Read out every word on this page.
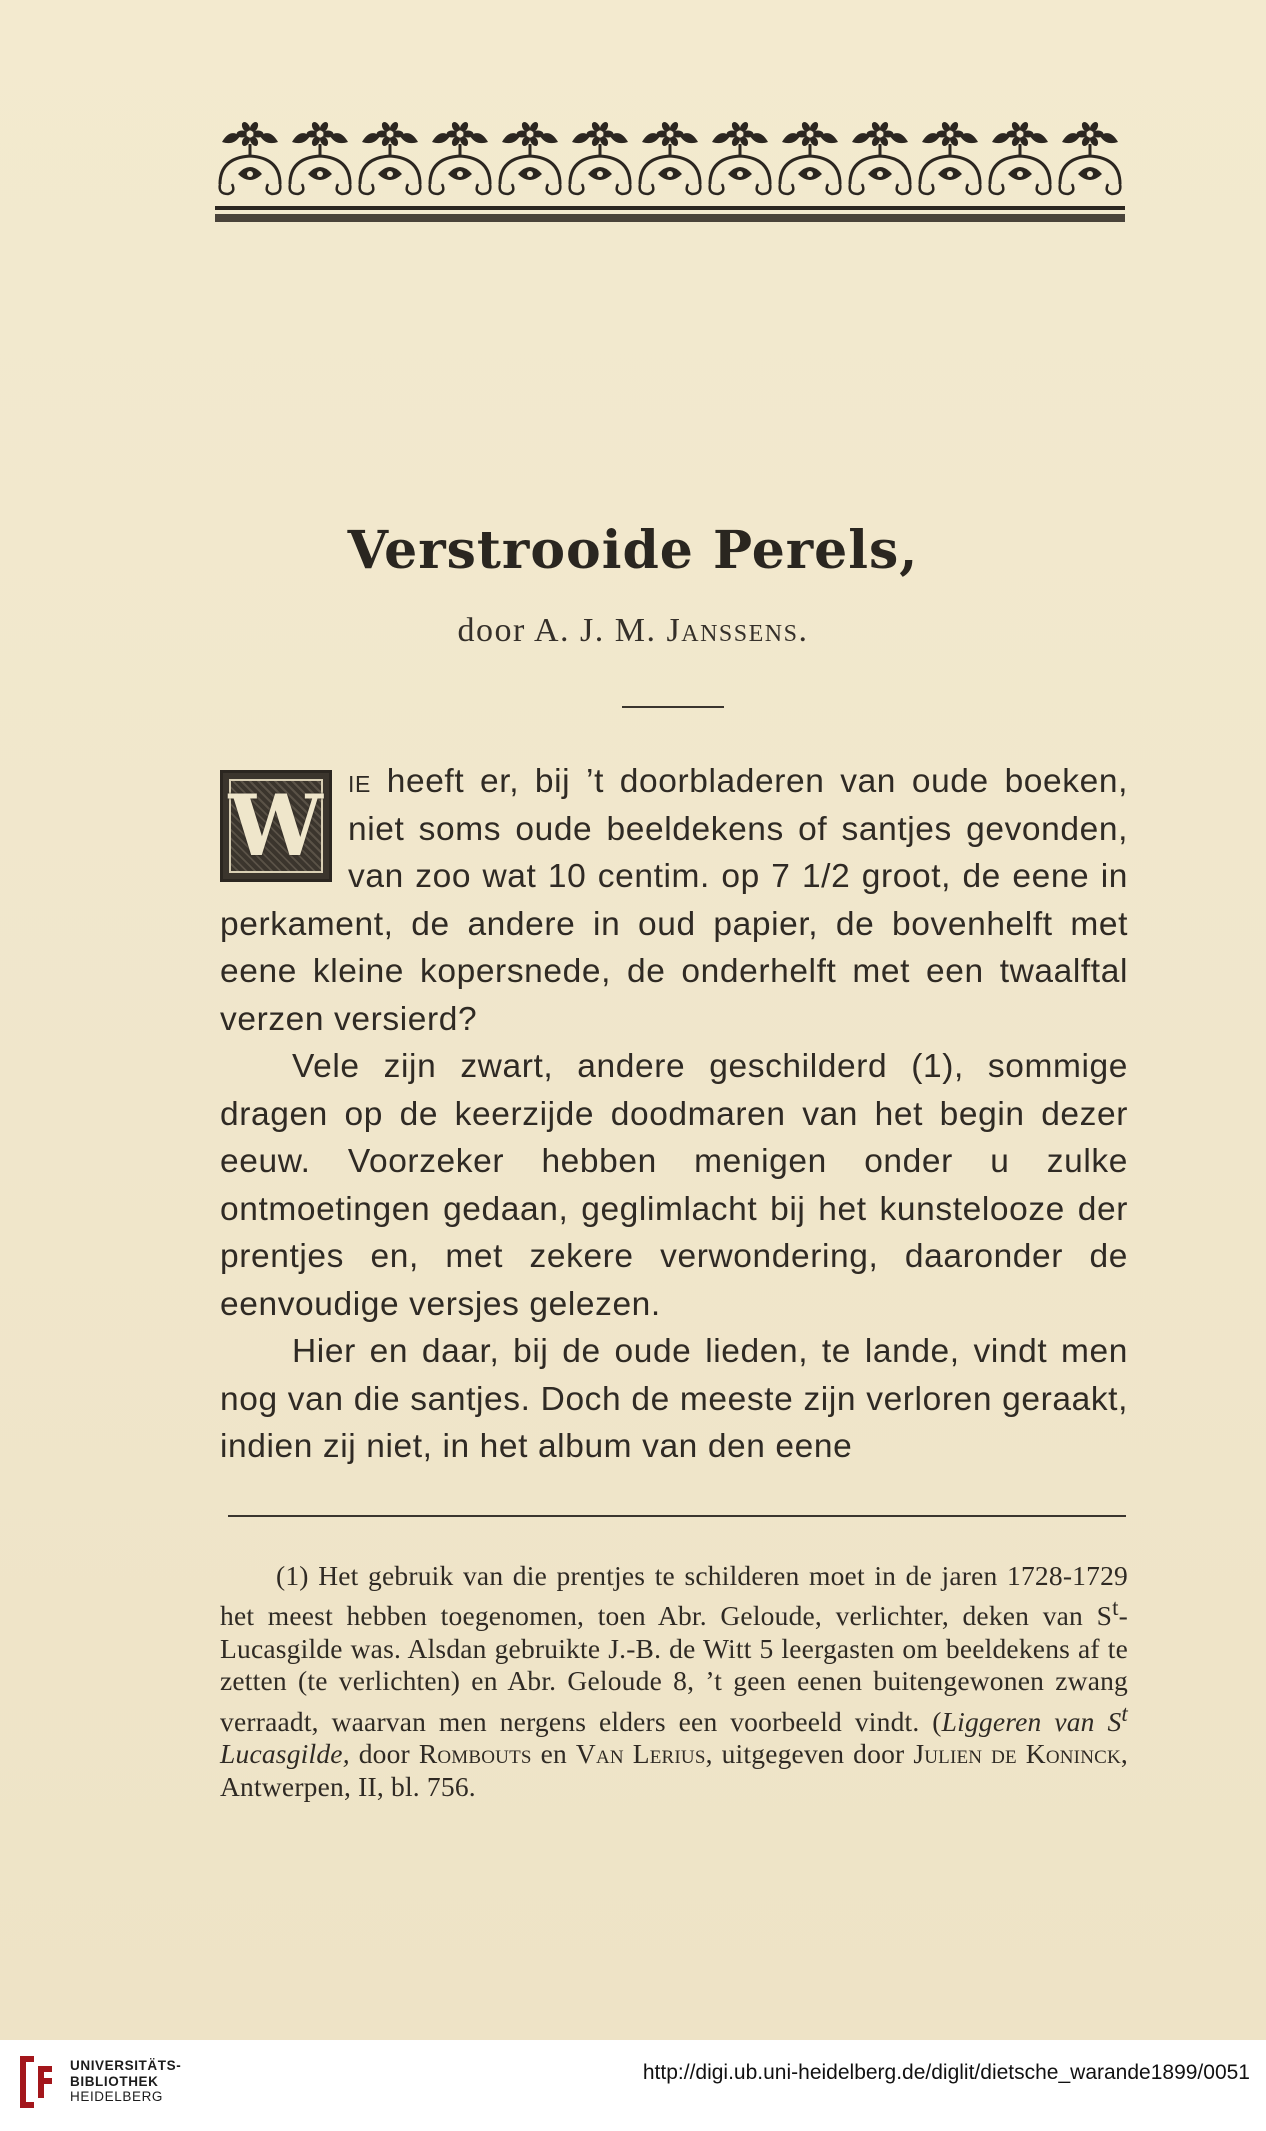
Verstrooide Perels,
door A. J. M. Janssens.

W ie heeft er, bij ’t doorbladeren van oude boeken, niet soms oude beeldekens of santjes gevonden, van zoo wat 10 centim. op 7 1/2 groot, de eene in perkament, de andere in oud papier, de bovenhelft met eene kleine kopersnede, de onderhelft met een twaalftal verzen versierd?

Vele zijn zwart, andere geschilderd (1), sommige dragen op de keerzijde doodmaren van het begin dezer eeuw. Voorzeker hebben menigen onder u zulke ontmoetingen gedaan, geglimlacht bij het kunstelooze der prentjes en, met zekere verwondering, daaronder de eenvoudige versjes gelezen.

Hier en daar, bij de oude lieden, te lande, vindt men nog van die santjes. Doch de meeste zijn verloren geraakt, indien zij niet, in het album van den eene

(1) Het gebruik van die prentjes te schilderen moet in de jaren 1728-1729 het meest hebben toegenomen, toen Abr. Geloude, verlichter, deken van $S^t$-Lucasgilde was. Alsdan gebruikte J.-B. de Witt 5 leergasten om beeldekens af te zetten (te verlichten) en Abr. Geloude 8, ’t geen eenen buitengewonen zwang verraadt, waarvan men nergens elders een voorbeeld vindt. (Liggeren van $S^t$ Lucasgilde, door Rombouts en Van Lerius, uitgegeven door Julien de Koninck, Antwerpen, II, bl. 756.

UNIVERSITÄTS-
BIBLIOTHEK
HEIDELBERG
http://digi.ub.uni-heidelberg.de/diglit/dietsche_warande1899/0051
